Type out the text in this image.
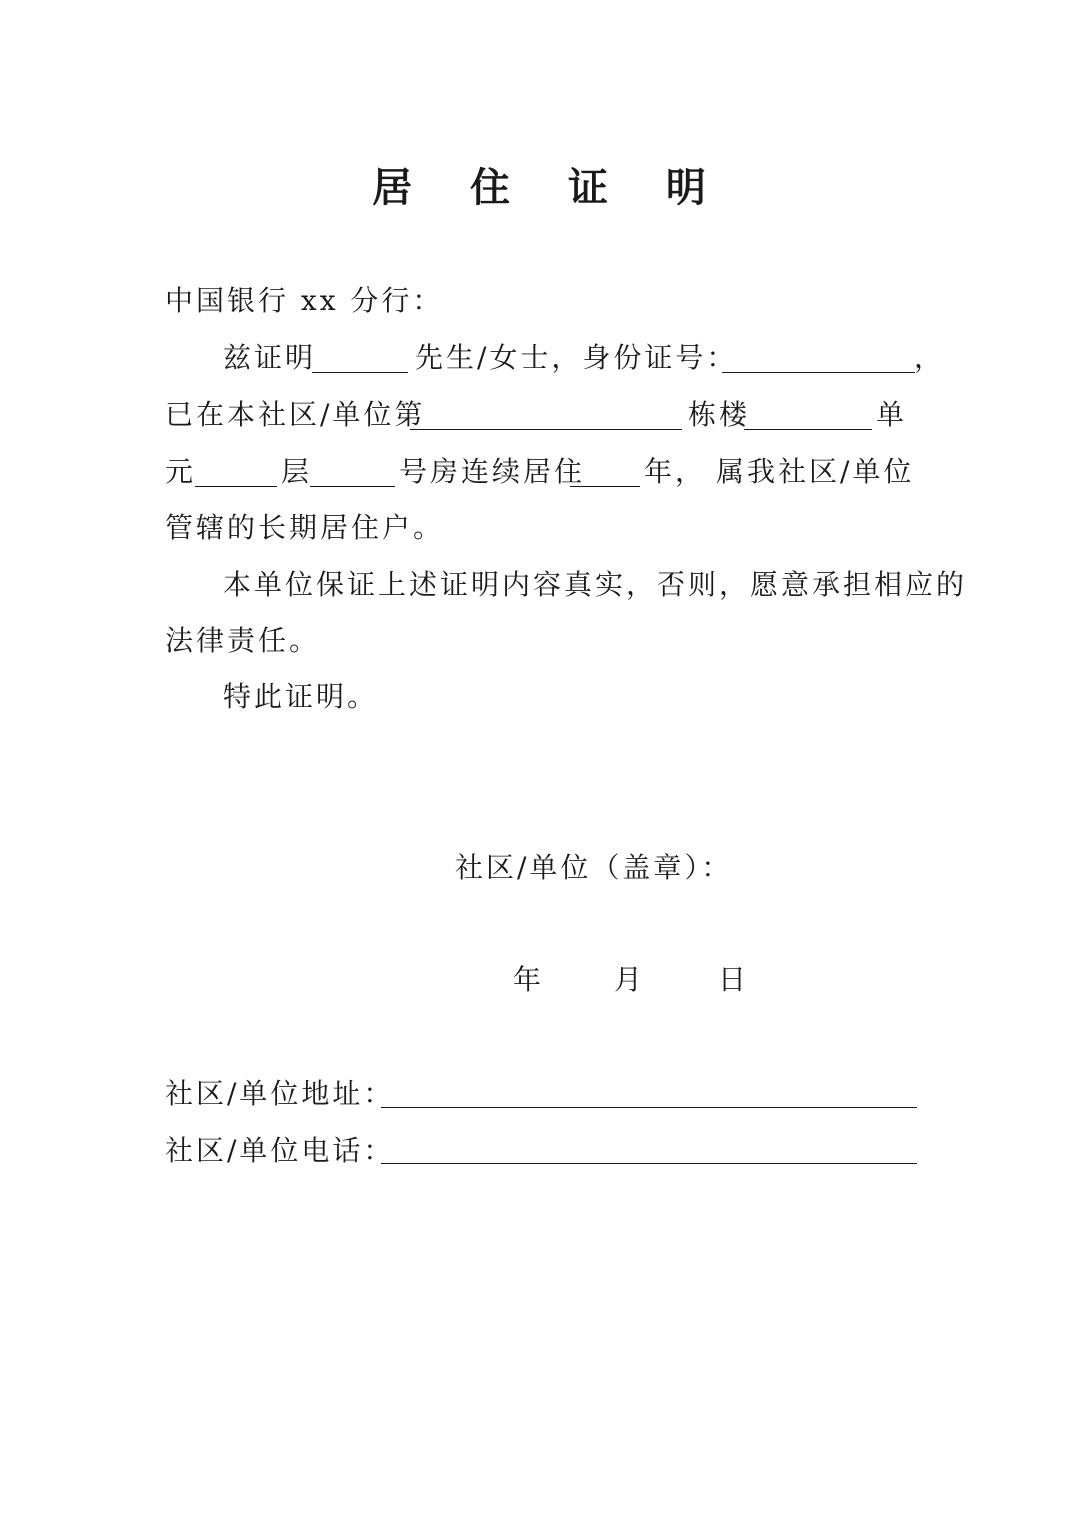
居 住 证 明
中国银行 xx 分行：
兹证明	先生/女士，身份证号：	，
已在本社区/单位第	栋楼	单
元	层	号房连续居住 年， 属我社区/单位
管辖的长期居住户。
本单位保证上述证明内容真实，否则，愿意承担相应的
法律责任。
特此证明。
社区/单位（盖章）：
年 月	日
社区/单位地址：
社区/单位电话：
